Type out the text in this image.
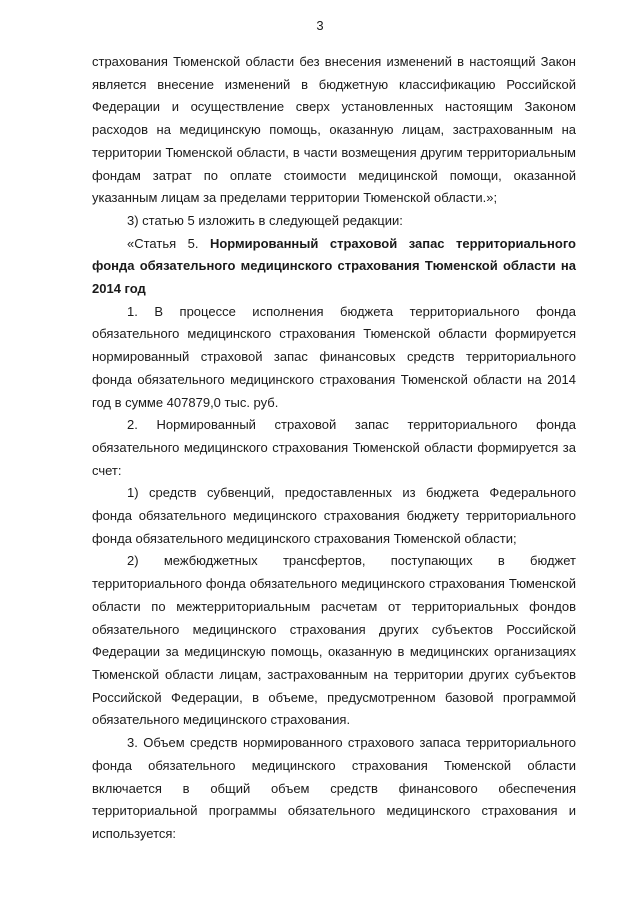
3

страхования Тюменской области без внесения изменений в настоящий Закон является внесение изменений в бюджетную классификацию Российской Федерации и осуществление сверх установленных настоящим Законом расходов на медицинскую помощь, оказанную лицам, застрахованным на территории Тюменской области, в части возмещения другим территориальным фондам затрат по оплате стоимости медицинской помощи, оказанной указанным лицам за пределами территории Тюменской области.»;

3) статью 5 изложить в следующей редакции:

«Статья 5. Нормированный страховой запас территориального фонда обязательного медицинского страхования Тюменской области на 2014 год

1. В процессе исполнения бюджета территориального фонда обязательного медицинского страхования Тюменской области формируется нормированный страховой запас финансовых средств территориального фонда обязательного медицинского страхования Тюменской области на 2014 год в сумме 407879,0 тыс. руб.

2. Нормированный страховой запас территориального фонда обязательного медицинского страхования Тюменской области формируется за счет:

1) средств субвенций, предоставленных из бюджета Федерального фонда обязательного медицинского страхования бюджету территориального фонда обязательного медицинского страхования Тюменской области;

2) межбюджетных трансфертов, поступающих в бюджет территориального фонда обязательного медицинского страхования Тюменской области по межтерриториальным расчетам от территориальных фондов обязательного медицинского страхования других субъектов Российской Федерации за медицинскую помощь, оказанную в медицинских организациях Тюменской области лицам, застрахованным на территории других субъектов Российской Федерации, в объеме, предусмотренном базовой программой обязательного медицинского страхования.

3. Объем средств нормированного страхового запаса территориального фонда обязательного медицинского страхования Тюменской области включается в общий объем средств финансового обеспечения территориальной программы обязательного медицинского страхования и используется:
